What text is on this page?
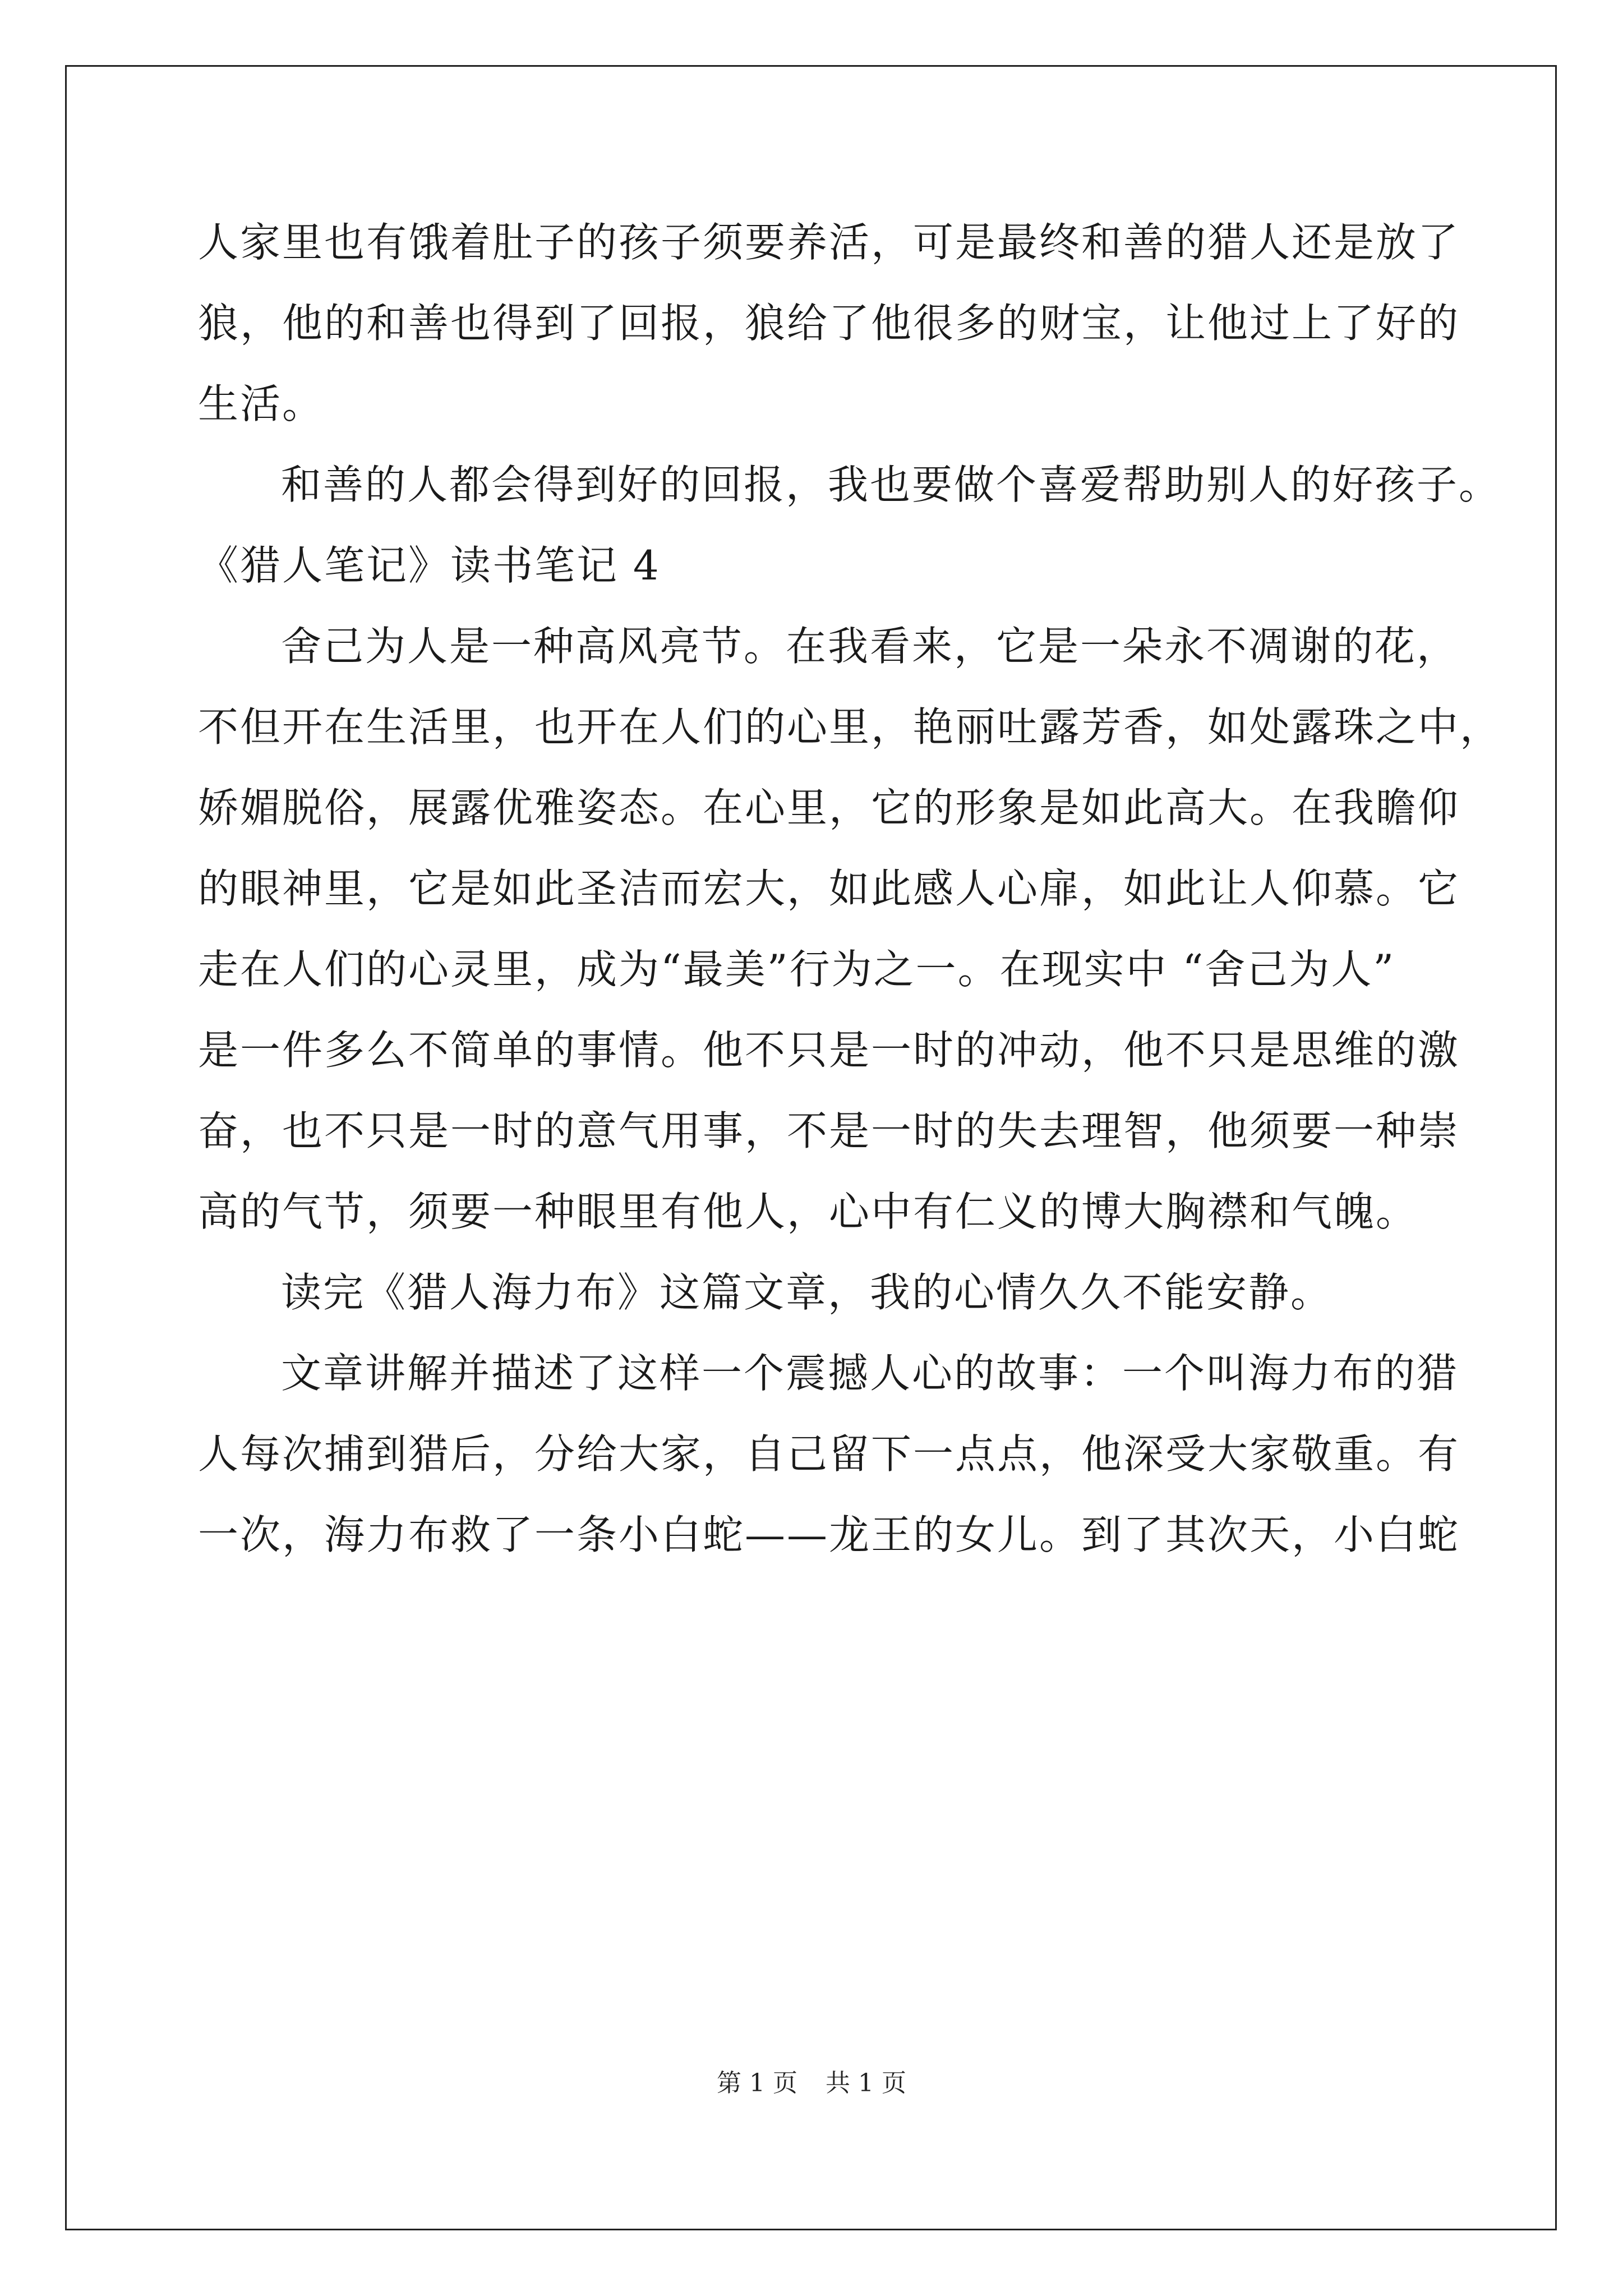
人家里也有饿着肚子的孩子须要养活，可是最终和善的猎人还是放了
狼，他的和善也得到了回报，狼给了他很多的财宝，让他过上了好的
生活。
和善的人都会得到好的回报，我也要做个喜爱帮助别人的好孩子。
《猎人笔记》读书笔记 4
舍己为人是一种高风亮节。在我看来，它是一朵永不凋谢的花，
不但开在生活里，也开在人们的心里，艳丽吐露芳香，如处露珠之中，
娇媚脱俗，展露优雅姿态。在心里，它的形象是如此高大。在我瞻仰
的眼神里，它是如此圣洁而宏大，如此感人心扉，如此让人仰慕。它
走在人们的心灵里，成为“最美”行为之一。在现实中 “舍己为人”
是一件多么不简单的事情。他不只是一时的冲动，他不只是思维的激
奋，也不只是一时的意气用事，不是一时的失去理智，他须要一种崇
高的气节，须要一种眼里有他人，心中有仁义的博大胸襟和气魄。
读完《猎人海力布》这篇文章，我的心情久久不能安静。
文章讲解并描述了这样一个震撼人心的故事：一个叫海力布的猎
人每次捕到猎后，分给大家，自己留下一点点，他深受大家敬重。有
一次，海力布救了一条小白蛇——龙王的女儿。到了其次天，小白蛇
第 1 页 共 1 页
